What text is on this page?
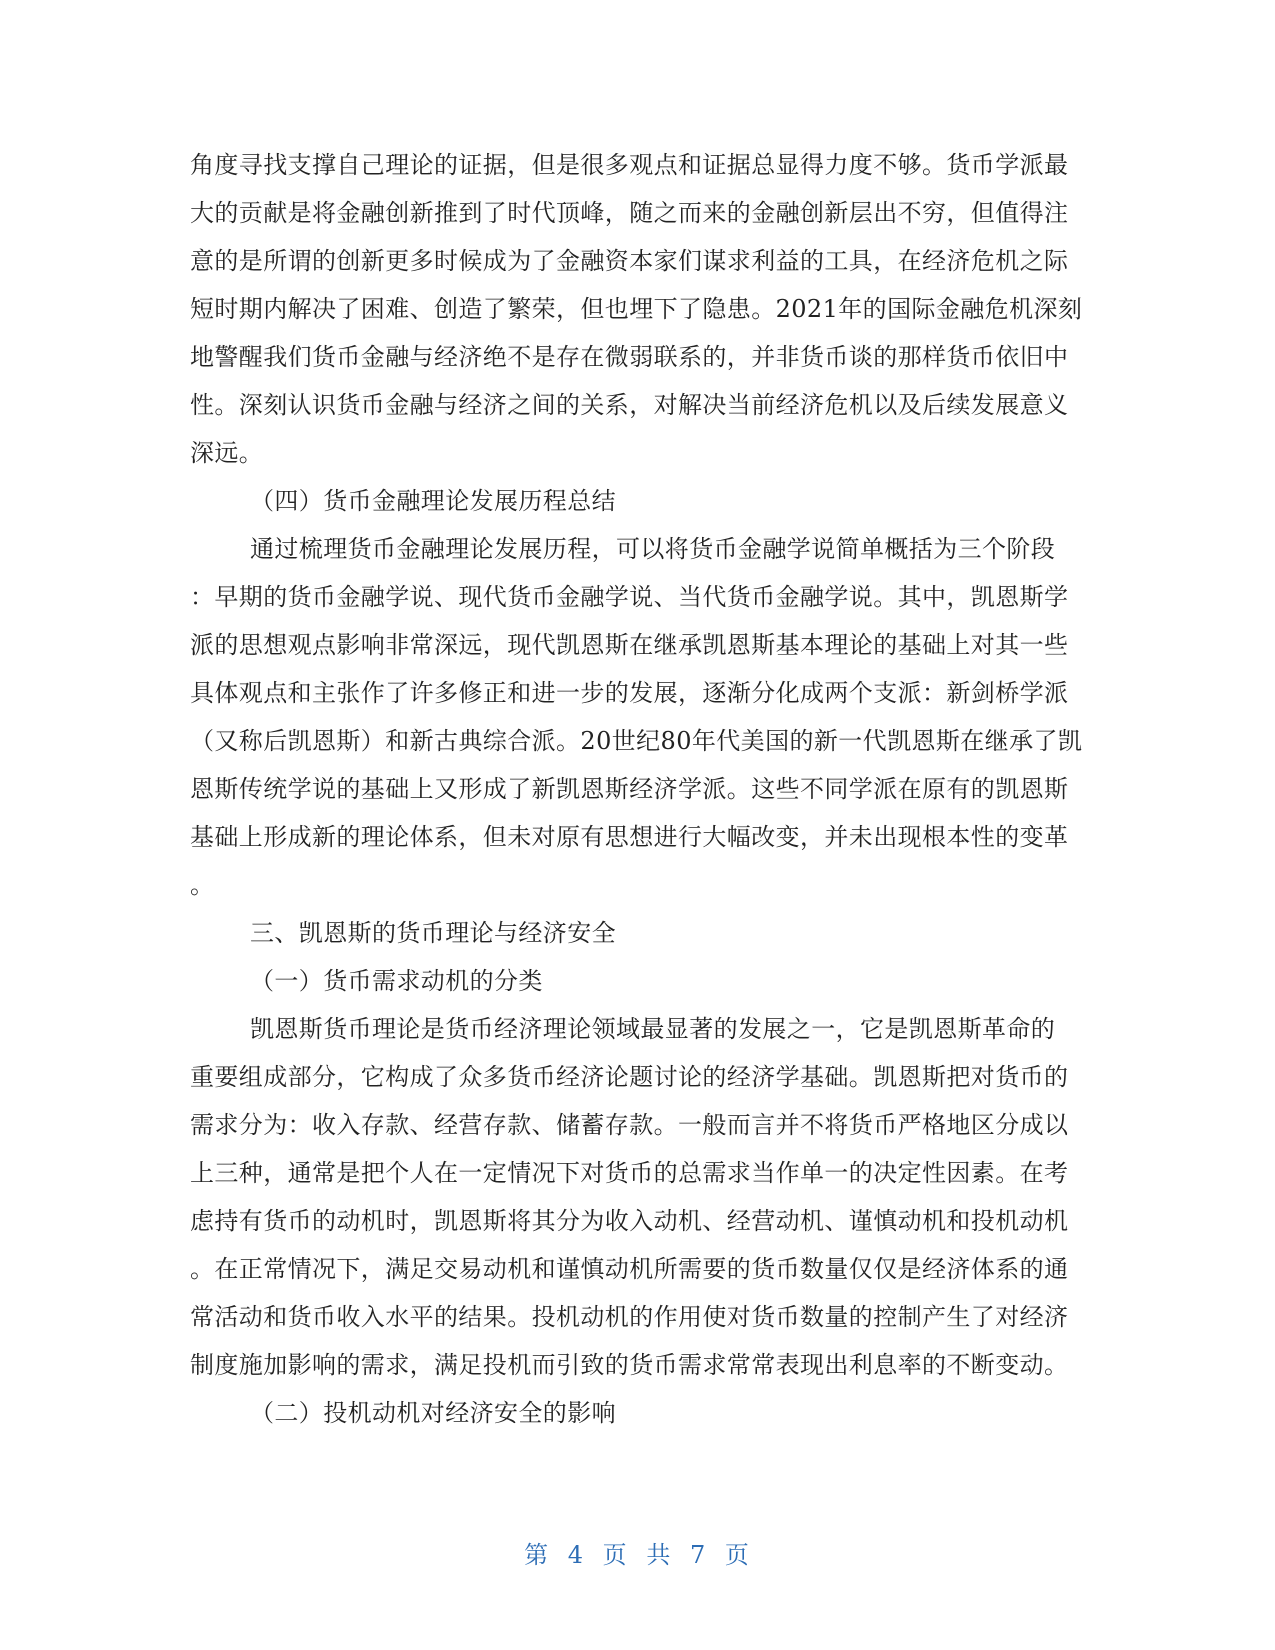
角度寻找支撑自己理论的证据，但是很多观点和证据总显得力度不够。货币学派最
大的贡献是将金融创新推到了时代顶峰，随之而来的金融创新层出不穷，但值得注
意的是所谓的创新更多时候成为了金融资本家们谋求利益的工具，在经济危机之际
短时期内解决了困难、创造了繁荣，但也埋下了隐患。2021年的国际金融危机深刻
地警醒我们货币金融与经济绝不是存在微弱联系的，并非货币谈的那样货币依旧中
性。深刻认识货币金融与经济之间的关系，对解决当前经济危机以及后续发展意义
深远。
（四）货币金融理论发展历程总结
通过梳理货币金融理论发展历程，可以将货币金融学说简单概括为三个阶段
：早期的货币金融学说、现代货币金融学说、当代货币金融学说。其中，凯恩斯学
派的思想观点影响非常深远，现代凯恩斯在继承凯恩斯基本理论的基础上对其一些
具体观点和主张作了许多修正和进一步的发展，逐渐分化成两个支派：新剑桥学派
（又称后凯恩斯）和新古典综合派。20世纪80年代美国的新一代凯恩斯在继承了凯
恩斯传统学说的基础上又形成了新凯恩斯经济学派。这些不同学派在原有的凯恩斯
基础上形成新的理论体系，但未对原有思想进行大幅改变，并未出现根本性的变革
。
三、凯恩斯的货币理论与经济安全
（一）货币需求动机的分类
凯恩斯货币理论是货币经济理论领域最显著的发展之一，它是凯恩斯革命的
重要组成部分，它构成了众多货币经济论题讨论的经济学基础。凯恩斯把对货币的
需求分为：收入存款、经营存款、储蓄存款。一般而言并不将货币严格地区分成以
上三种，通常是把个人在一定情况下对货币的总需求当作单一的决定性因素。在考
虑持有货币的动机时，凯恩斯将其分为收入动机、经营动机、谨慎动机和投机动机
。在正常情况下，满足交易动机和谨慎动机所需要的货币数量仅仅是经济体系的通
常活动和货币收入水平的结果。投机动机的作用使对货币数量的控制产生了对经济
制度施加影响的需求，满足投机而引致的货币需求常常表现出利息率的不断变动。
（二）投机动机对经济安全的影响
第 4 页 共 7 页
